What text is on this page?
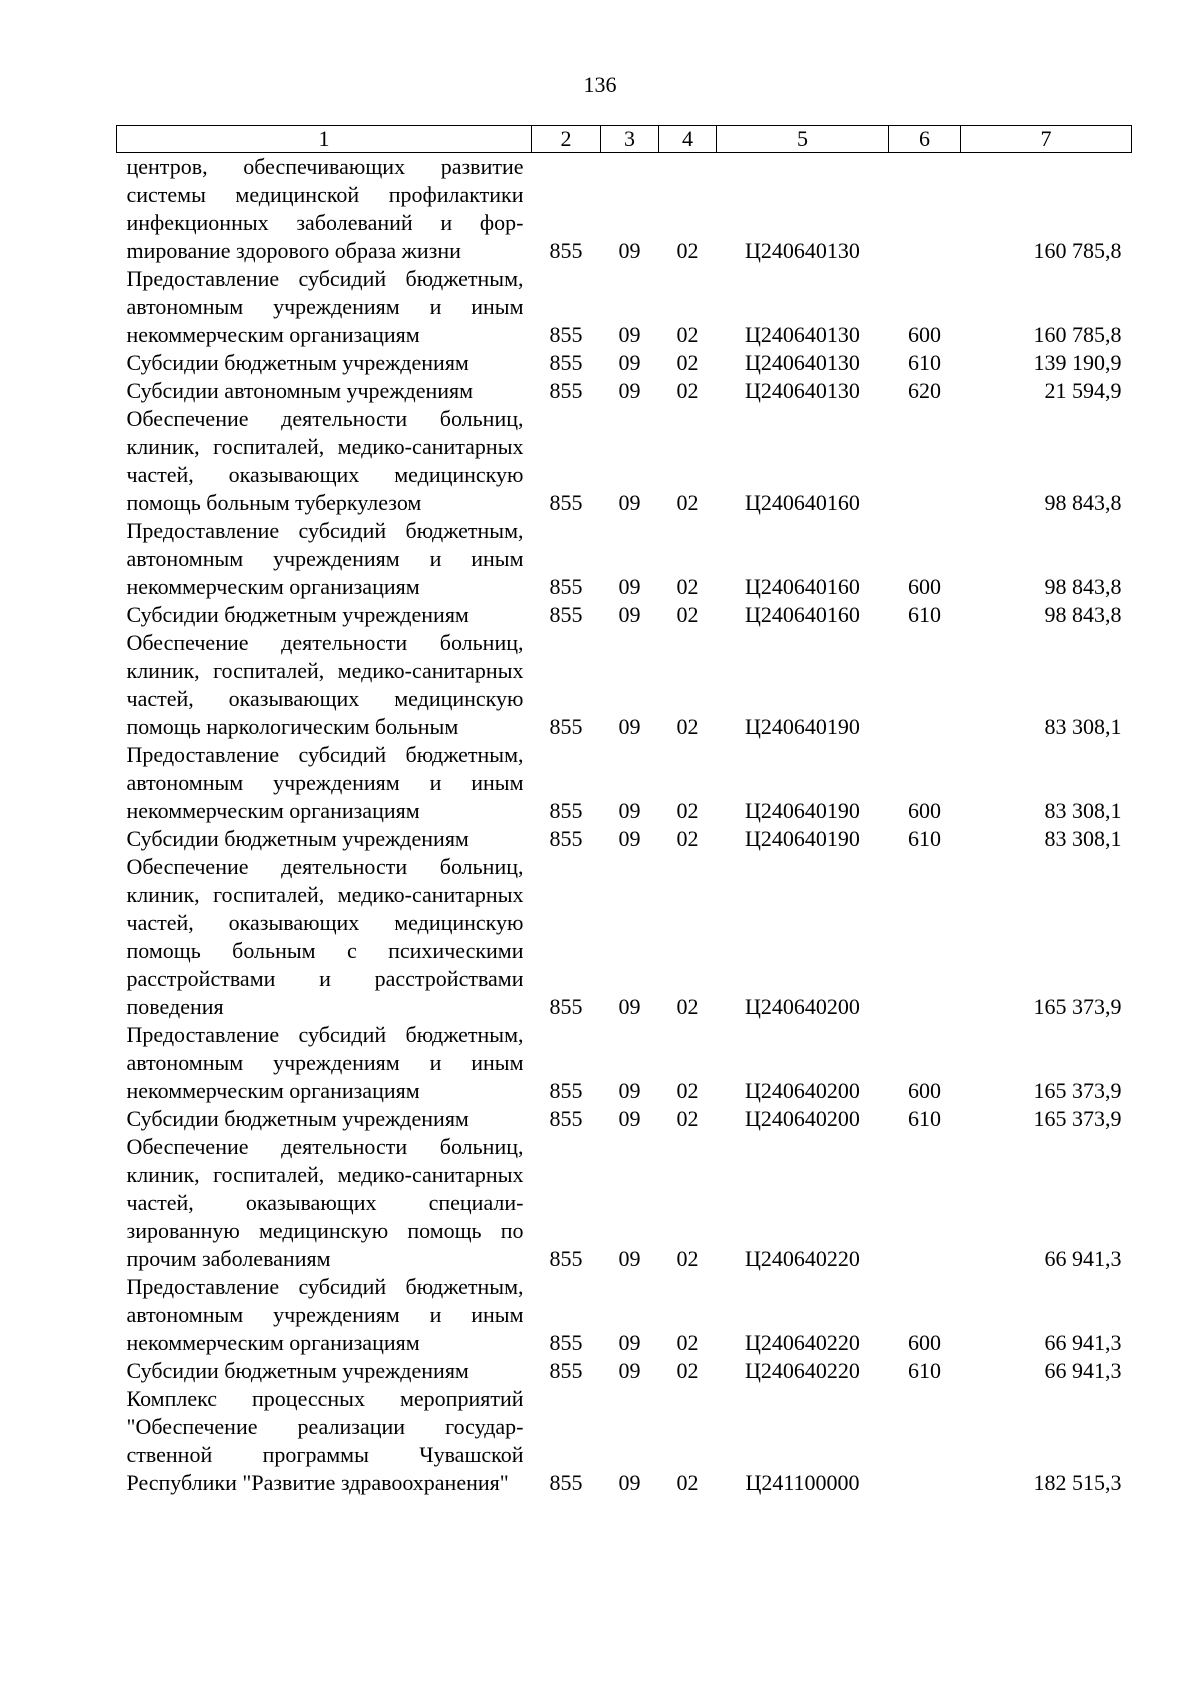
136
1	2	3	4	5	6	7
центров, обеспечивающих развитие системы медицинской профилактики инфекционных заболеваний и форmирование здорового образа жизни	855	09	02	Ц240640130		160 785,8
Предоставление субсидий бюджетным, автономным учреждениям и иным некоммерческим организациям	855	09	02	Ц240640130	600	160 785,8
Субсидии бюджетным учреждениям	855	09	02	Ц240640130	610	139 190,9
Субсидии автономным учреждениям	855	09	02	Ц240640130	620	21 594,9
Обеспечение деятельности больниц, клиник, госпиталей, медико-санитарных частей, оказывающих медицинскую помощь больным туберкулезом	855	09	02	Ц240640160		98 843,8
Предоставление субсидий бюджетным, автономным учреждениям и иным некоммерческим организациям	855	09	02	Ц240640160	600	98 843,8
Субсидии бюджетным учреждениям	855	09	02	Ц240640160	610	98 843,8
Обеспечение деятельности больниц, клиник, госпиталей, медико-санитарных частей, оказывающих медицинскую помощь наркологическим больным	855	09	02	Ц240640190		83 308,1
Предоставление субсидий бюджетным, автономным учреждениям и иным некоммерческим организациям	855	09	02	Ц240640190	600	83 308,1
Субсидии бюджетным учреждениям	855	09	02	Ц240640190	610	83 308,1
Обеспечение деятельности больниц, клиник, госпиталей, медико-санитарных частей, оказывающих медицинскую помощь больным с психическими расстройствами и расстройствами поведения	855	09	02	Ц240640200		165 373,9
Предоставление субсидий бюджетным, автономным учреждениям и иным некоммерческим организациям	855	09	02	Ц240640200	600	165 373,9
Субсидии бюджетным учреждениям	855	09	02	Ц240640200	610	165 373,9
Обеспечение деятельности больниц, клиник, госпиталей, медико-санитарных частей, оказывающих специализированную медицинскую помощь по прочим заболеваниям	855	09	02	Ц240640220		66 941,3
Предоставление субсидий бюджетным, автономным учреждениям и иным некоммерческим организациям	855	09	02	Ц240640220	600	66 941,3
Субсидии бюджетным учреждениям	855	09	02	Ц240640220	610	66 941,3
Комплекс процессных мероприятий "Обеспечение реализации государственной программы Чувашской Республики "Развитие здравоохранения"	855	09	02	Ц241100000		182 515,3
